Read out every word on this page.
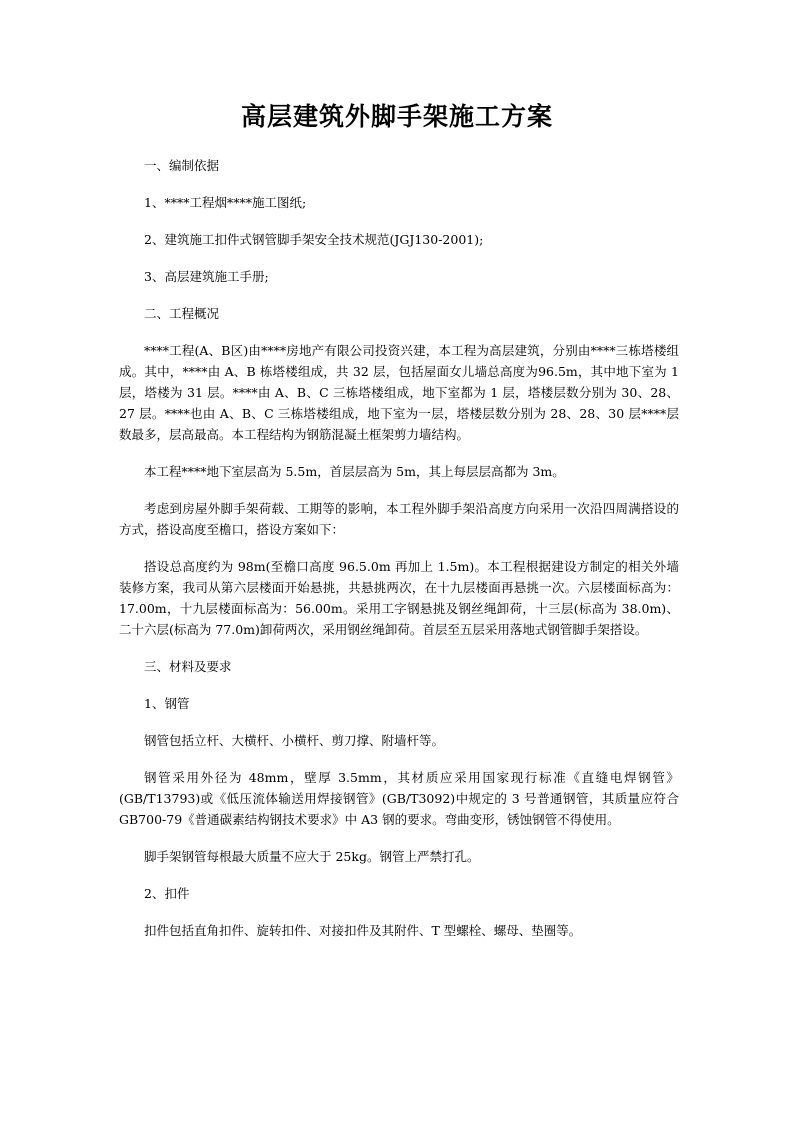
高层建筑外脚手架施工方案

一、编制依据

1、****工程烟****施工图纸;

2、建筑施工扣件式钢管脚手架安全技术规范(JGJ130-2001);

3、高层建筑施工手册;

二、工程概况

****工程(A、B区)由****房地产有限公司投资兴建，本工程为高层建筑，分别由****三栋塔楼组成。其中，****由 A、B 栋塔楼组成，共 32 层，包括屋面女儿墙总高度为96.5m，其中地下室为 1 层，塔楼为 31 层。****由 A、B、C 三栋塔楼组成，地下室都为 1 层，塔楼层数分别为 30、28、27 层。****也由 A、B、C 三栋塔楼组成，地下室为一层，塔楼层数分别为 28、28、30 层****层数最多，层高最高。本工程结构为钢筋混凝土框架剪力墙结构。

本工程****地下室层高为 5.5m，首层层高为 5m，其上每层层高都为 3m。

考虑到房屋外脚手架荷载、工期等的影响，本工程外脚手架沿高度方向采用一次沿四周满搭设的方式，搭设高度至檐口，搭设方案如下：

搭设总高度约为 98m(至檐口高度 96.5.0m 再加上 1.5m)。本工程根据建设方制定的相关外墙装修方案，我司从第六层楼面开始悬挑，共悬挑两次，在十九层楼面再悬挑一次。六层楼面标高为：17.00m，十九层楼面标高为：56.00m。采用工字钢悬挑及钢丝绳卸荷，十三层(标高为 38.0m)、二十六层(标高为 77.0m)卸荷两次，采用钢丝绳卸荷。首层至五层采用落地式钢管脚手架搭设。

三、材料及要求

1、钢管

钢管包括立杆、大横杆、小横杆、剪刀撑、附墙杆等。

钢管采用外径为 48mm，壁厚 3.5mm，其材质应采用国家现行标准《直缝电焊钢管》(GB/T13793)或《低压流体输送用焊接钢管》(GB/T3092)中规定的 3 号普通钢管，其质量应符合 GB700-79《普通碳素结构钢技术要求》中 A3 钢的要求。弯曲变形，锈蚀钢管不得使用。

脚手架钢管每根最大质量不应大于 25kg。钢管上严禁打孔。

2、扣件

扣件包括直角扣件、旋转扣件、对接扣件及其附件、T 型螺栓、螺母、垫圈等。
